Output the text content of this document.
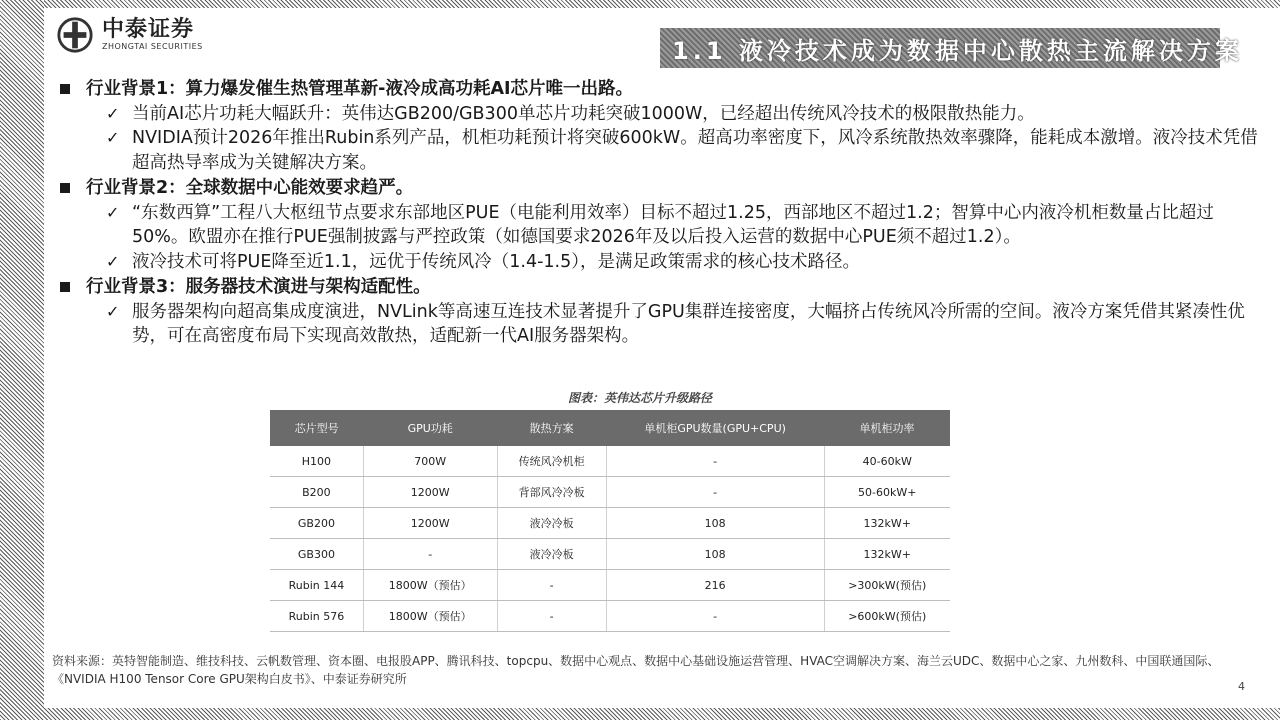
中泰证券
ZHONGTAI SECURITIES	1.1 液冷技术成为数据中心散热主流解决方案
行业背景1：算力爆发催生热管理革新-液冷成高功耗AI芯片唯一出路。
✓ 当前AI芯片功耗大幅跃升：英伟达GB200/GB300单芯片功耗突破1000W，已经超出传统风冷技术的极限散热能力。
✓ NVIDIA预计2026年推出Rubin系列产品，机柜功耗预计将突破600kW。超高功率密度下，风冷系统散热效率骤降，能耗成本激增。液冷技术凭借超高热导率成为关键解决方案。
行业背景2：全球数据中心能效要求趋严。
✓ “东数西算”工程八大枢纽节点要求东部地区PUE（电能利用效率）目标不超过1.25，西部地区不超过1.2；智算中心内液冷机柜数量占比超过50%。欧盟亦在推行PUE强制披露与严控政策（如德国要求2026年及以后投入运营的数据中心PUE须不超过1.2）。
✓ 液冷技术可将PUE降至近1.1，远优于传统风冷（1.4-1.5），是满足政策需求的核心技术路径。
行业背景3：服务器技术演进与架构适配性。
✓ 服务器架构向超高集成度演进，NVLink等高速互连技术显著提升了GPU集群连接密度，大幅挤占传统风冷所需的空间。液冷方案凭借其紧凑性优势，可在高密度布局下实现高效散热，适配新一代AI服务器架构。
图表：英伟达芯片升级路径
芯片型号	GPU功耗	散热方案	单机柜GPU数量(GPU+CPU)	单机柜功率
H100	700W	传统风冷机柜	-	40-60kW
B200	1200W	背部风冷冷板	-	50-60kW+
GB200	1200W	液冷冷板	108	132kW+
GB300	-	液冷冷板	108	132kW+
Rubin 144	1800W（预估）	-	216	>300kW(预估)
Rubin 576	1800W（预估）	-	-	>600kW(预估)
资料来源：英特智能制造、维技科技、云帆数管理、资本圈、电报股APP、腾讯科技、topcpu、数据中心观点、数据中心基础设施运营管理、HVAC空调解决方案、海兰云UDC、数据中心之家、九州数科、中国联通国际、《NVIDIA H100 Tensor Core GPU架构白皮书》、中泰证券研究所
4
